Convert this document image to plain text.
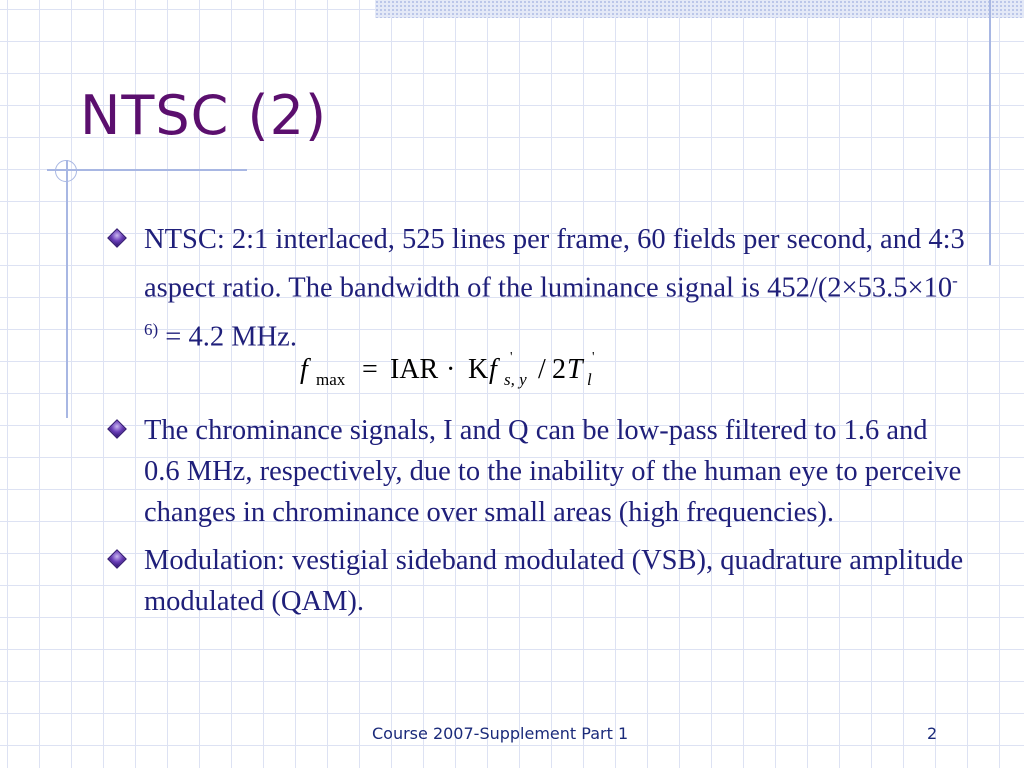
NTSC (2)
NTSC: 2:1 interlaced, 525 lines per frame, 60 fields per second, and 4:3 aspect ratio. The bandwidth of the luminance signal is $452/(2\times 53.5\times 10^{-6)} = 4.2$ MHz.
The chrominance signals, I and Q can be low-pass filtered to 1.6 and 0.6 MHz, respectively, due to the inability of the human eye to perceive changes in chrominance over small areas (high frequencies).
Modulation: vestigial sideband modulated (VSB), quadrature amplitude modulated (QAM).
f max = IAR · K f '
s, y / 2 T '
l
Course 2007-Supplement Part 1	2
